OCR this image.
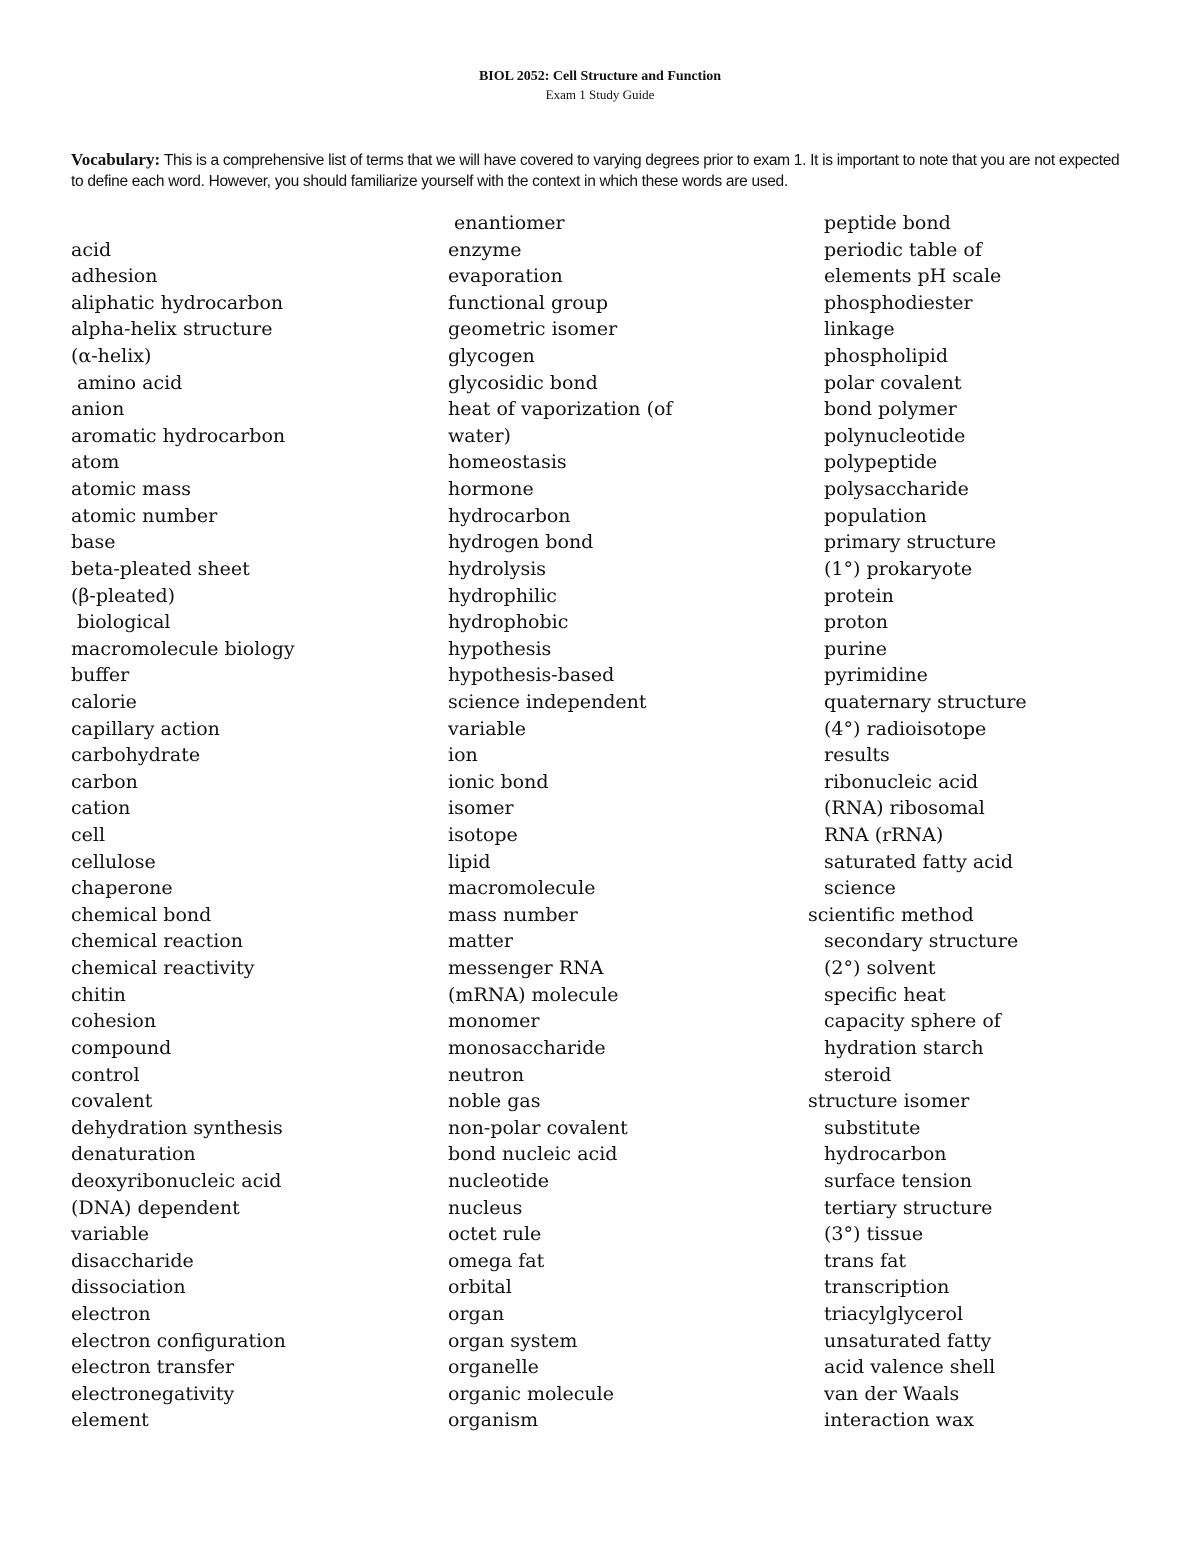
BIOL 2052: Cell Structure and Function
Exam 1 Study Guide
Vocabulary: This is a comprehensive list of terms that we will have covered to varying degrees prior to exam 1. It is important to note that you are not expected to define each word. However, you should familiarize yourself with the context in which these words are used.
acid
adhesion
aliphatic hydrocarbon
alpha-helix structure
(α-helix)
amino acid
anion
aromatic hydrocarbon
atom
atomic mass
atomic number
base
beta-pleated sheet
(β-pleated)
biological
macromolecule biology
buffer
calorie
capillary action
carbohydrate
carbon
cation
cell
cellulose
chaperone
chemical bond
chemical reaction
chemical reactivity
chitin
cohesion
compound
control
covalent
dehydration synthesis
denaturation
deoxyribonucleic acid
(DNA) dependent
variable
disaccharide
dissociation
electron
electron configuration
electron transfer
electronegativity
element
enantiomer
enzyme
evaporation
functional group
geometric isomer
glycogen
glycosidic bond
heat of vaporization (of
water)
homeostasis
hormone
hydrocarbon
hydrogen bond
hydrolysis
hydrophilic
hydrophobic
hypothesis
hypothesis-based
science independent
variable
ion
ionic bond
isomer
isotope
lipid
macromolecule
mass number
matter
messenger RNA
(mRNA) molecule
monomer
monosaccharide
neutron
noble gas
non-polar covalent
bond nucleic acid
nucleotide
nucleus
octet rule
omega fat
orbital
organ
organ system
organelle
organic molecule
organism
peptide bond
periodic table of
elements pH scale
phosphodiester
linkage
phospholipid
polar covalent
bond polymer
polynucleotide
polypeptide
polysaccharide
population
primary structure
(1°) prokaryote
protein
proton
purine
pyrimidine
quaternary structure
(4°) radioisotope
results
ribonucleic acid
(RNA) ribosomal
RNA (rRNA)
saturated fatty acid
science
scientific method
secondary structure
(2°) solvent
specific heat
capacity sphere of
hydration starch
steroid
structure isomer
substitute
hydrocarbon
surface tension
tertiary structure
(3°) tissue
trans fat
transcription
triacylglycerol
unsaturated fatty
acid valence shell
van der Waals
interaction wax
